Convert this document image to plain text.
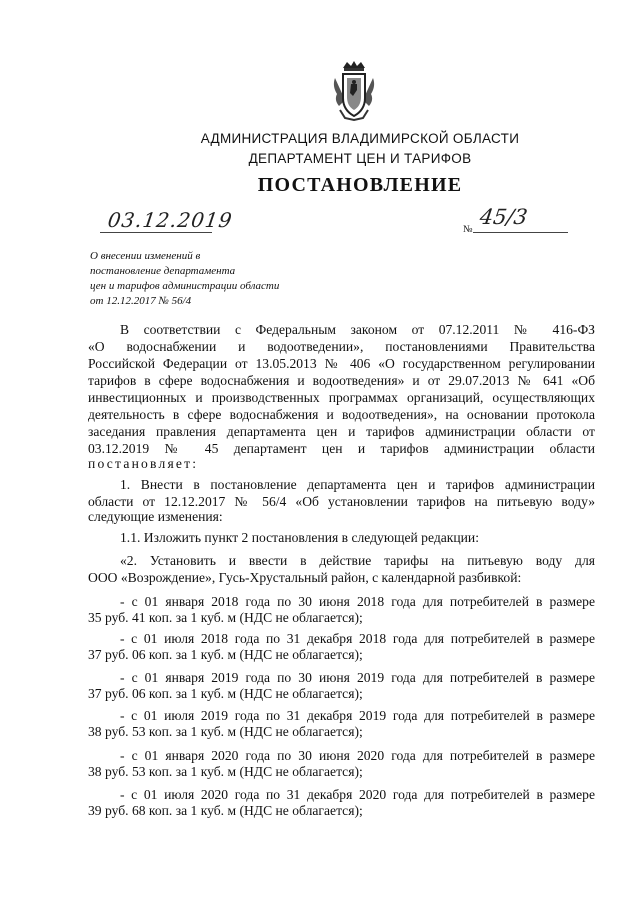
АДМИНИСТРАЦИЯ ВЛАДИМИРСКОЙ ОБЛАСТИ
ДЕПАРТАМЕНТ ЦЕН И ТАРИФОВ
ПОСТАНОВЛЕНИЕ
03.12.2019	№
45/3
О внесении изменений в
постановление департамента
цен и тарифов администрации области
от 12.12.2017 № 56/4
В соответствии с Федеральным законом от 07.12.2011 № 416-ФЗ
«О водоснабжении и водоотведении», постановлениями Правительства
Российской Федерации от 13.05.2013 № 406 «О государственном регулировании
тарифов в сфере водоснабжения и водоотведения» и от 29.07.2013 № 641 «Об
инвестиционных и производственных программах организаций, осуществляющих
деятельность в сфере водоснабжения и водоотведения», на основании протокола
заседания правления департамента цен и тарифов администрации области от
03.12.2019 № 45 департамент цен и тарифов администрации области
постановляет:
1. Внести в постановление департамента цен и тарифов администрации
области от 12.12.2017 № 56/4 «Об установлении тарифов на питьевую воду»
следующие изменения:
1.1. Изложить пункт 2 постановления в следующей редакции:
«2. Установить и ввести в действие тарифы на питьевую воду для
ООО «Возрождение», Гусь-Хрустальный район, с календарной разбивкой:
- с 01 января 2018 года по 30 июня 2018 года для потребителей в размере
35 руб. 41 коп. за 1 куб. м (НДС не облагается);
- с 01 июля 2018 года по 31 декабря 2018 года для потребителей в размере
37 руб. 06 коп. за 1 куб. м (НДС не облагается);
- с 01 января 2019 года по 30 июня 2019 года для потребителей в размере
37 руб. 06 коп. за 1 куб. м (НДС не облагается);
- с 01 июля 2019 года по 31 декабря 2019 года для потребителей в размере
38 руб. 53 коп. за 1 куб. м (НДС не облагается);
- с 01 января 2020 года по 30 июня 2020 года для потребителей в размере
38 руб. 53 коп. за 1 куб. м (НДС не облагается);
- с 01 июля 2020 года по 31 декабря 2020 года для потребителей в размере
39 руб. 68 коп. за 1 куб. м (НДС не облагается);
